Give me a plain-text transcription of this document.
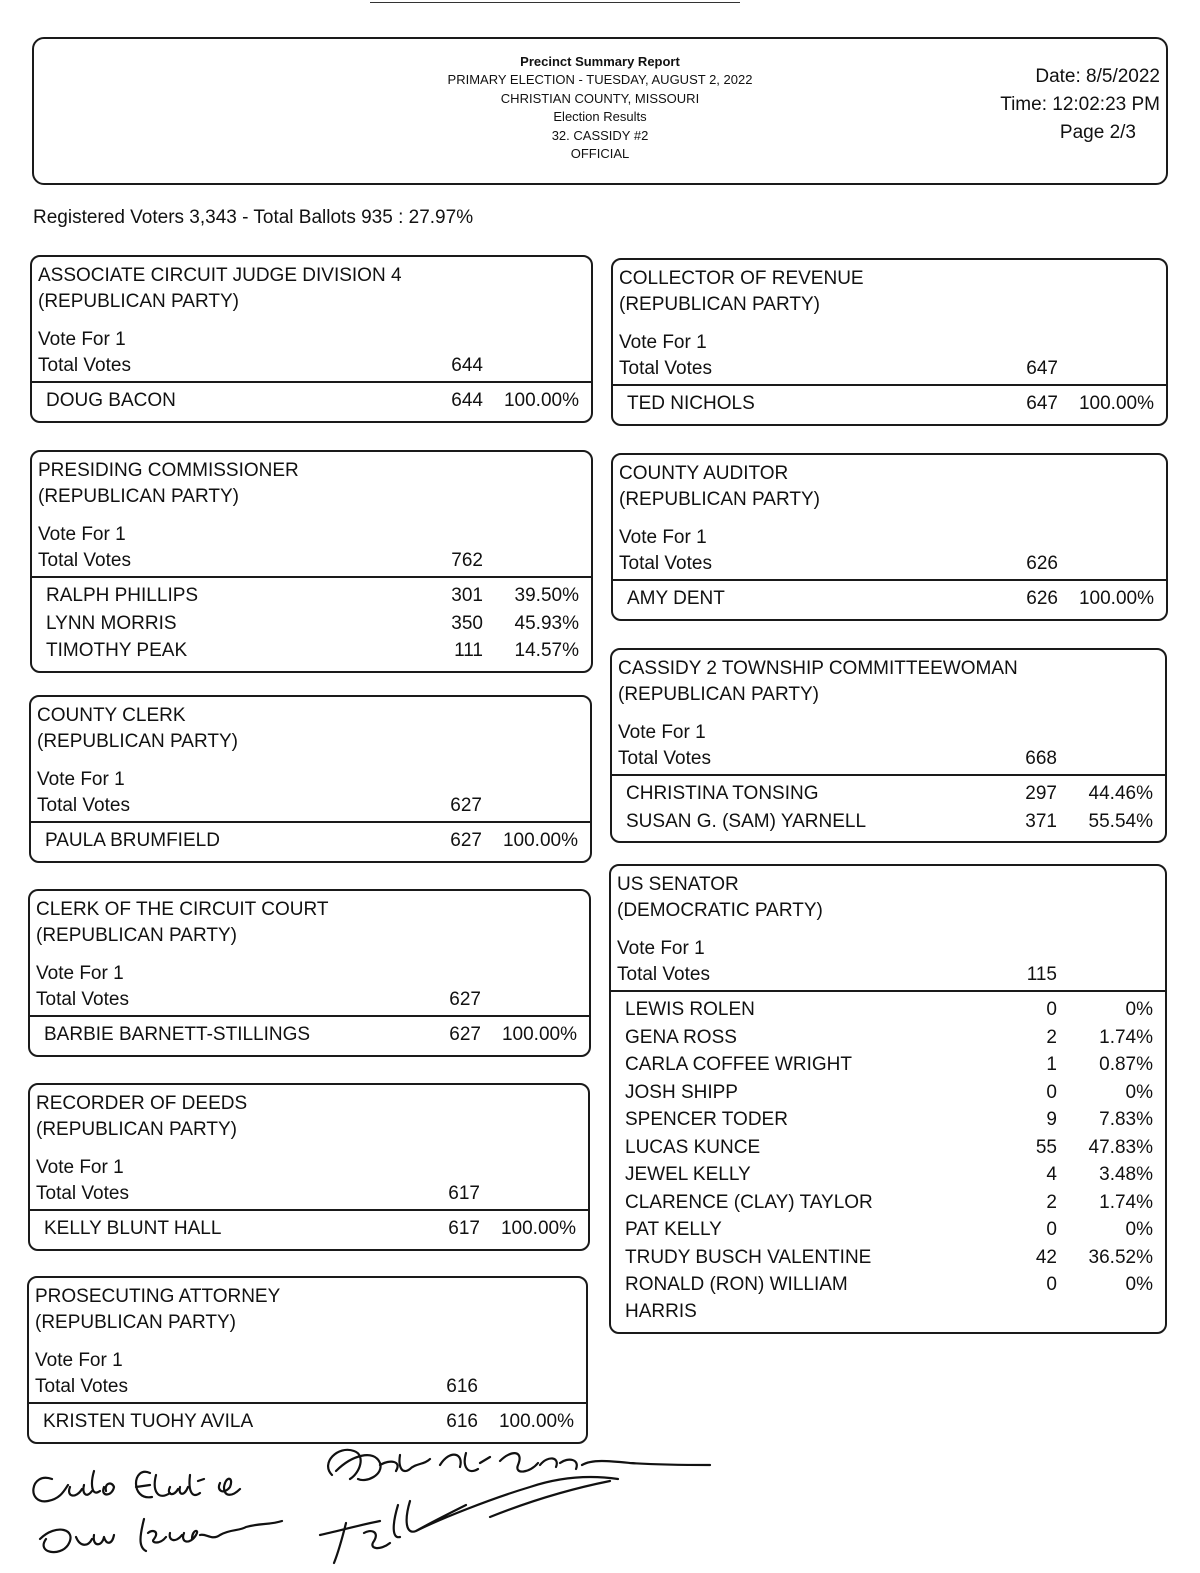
Precinct Summary Report
PRIMARY ELECTION - TUESDAY, AUGUST 2, 2022
CHRISTIAN COUNTY, MISSOURI
Election Results
32. CASSIDY #2
OFFICIAL
Date: 8/5/2022
Time: 12:02:23 PM
Page 2/3
Registered Voters 3,343 - Total Ballots 935 : 27.97%
ASSOCIATE CIRCUIT JUDGE DIVISION 4
(REPUBLICAN PARTY)
Vote For 1
Total Votes	644
DOUG BACON	644 100.00%
PRESIDING COMMISSIONER
(REPUBLICAN PARTY)
Vote For 1
Total Votes	762
RALPH PHILLIPS	301 39.50%
LYNN MORRIS	350 45.93%
TIMOTHY PEAK	111 14.57%
COUNTY CLERK
(REPUBLICAN PARTY)
Vote For 1
Total Votes	627
PAULA BRUMFIELD	627 100.00%
CLERK OF THE CIRCUIT COURT
(REPUBLICAN PARTY)
Vote For 1
Total Votes	627
BARBIE BARNETT-STILLINGS	627 100.00%
RECORDER OF DEEDS
(REPUBLICAN PARTY)
Vote For 1
Total Votes	617
KELLY BLUNT HALL	617 100.00%
PROSECUTING ATTORNEY
(REPUBLICAN PARTY)
Vote For 1
Total Votes	616
KRISTEN TUOHY AVILA	616 100.00%
COLLECTOR OF REVENUE
(REPUBLICAN PARTY)
Vote For 1
Total Votes	647
TED NICHOLS	647 100.00%
COUNTY AUDITOR
(REPUBLICAN PARTY)
Vote For 1
Total Votes	626
AMY DENT	626 100.00%
CASSIDY 2 TOWNSHIP COMMITTEEWOMAN
(REPUBLICAN PARTY)
Vote For 1
Total Votes	668
CHRISTINA TONSING	297 44.46%
SUSAN G. (SAM) YARNELL	371 55.54%
US SENATOR
(DEMOCRATIC PARTY)
Vote For 1
Total Votes	115
LEWIS ROLEN	0	0%
GENA ROSS	2 1.74%
CARLA COFFEE WRIGHT	1 0.87%
JOSH SHIPP	0	0%
SPENCER TODER	9 7.83%
LUCAS KUNCE	55 47.83%
JEWEL KELLY	4 3.48%
CLARENCE (CLAY) TAYLOR	2 1.74%
PAT KELLY	0	0%
TRUDY BUSCH VALENTINE	42 36.52%
RONALD (RON) WILLIAM
HARRIS
0	0%
